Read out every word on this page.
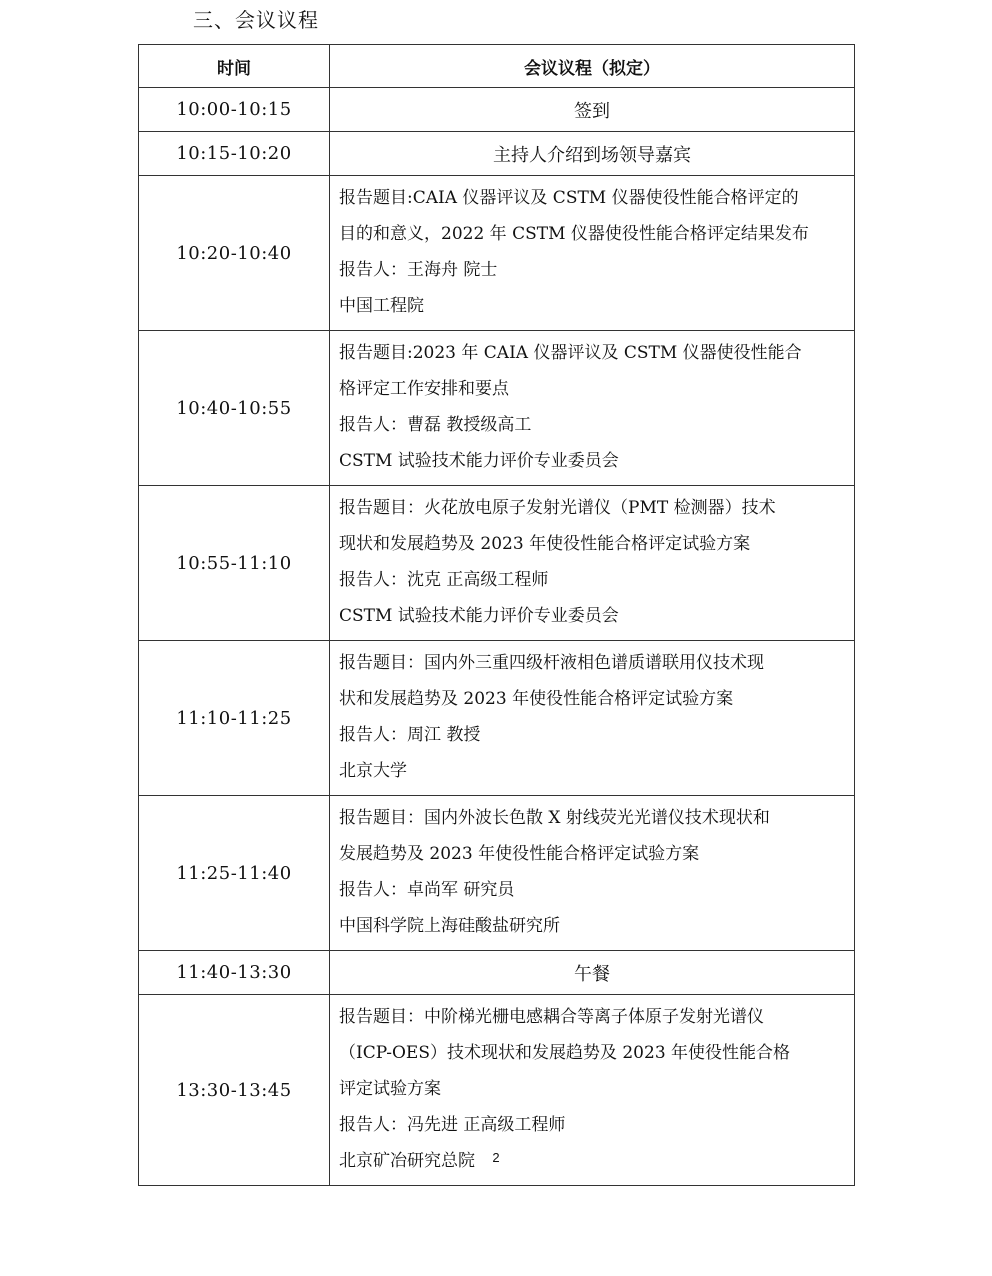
三、会议议程
时间	会议议程（拟定）
10:00-10:15	签到
10:15-10:20	主持人介绍到场领导嘉宾
10:20-10:40	报告题目:CAIA 仪器评议及 CSTM 仪器使役性能合格评定的
目的和意义，2022 年 CSTM 仪器使役性能合格评定结果发布
报告人：王海舟 院士
中国工程院

10:40-10:55	报告题目:2023 年 CAIA 仪器评议及 CSTM 仪器使役性能合
格评定工作安排和要点
报告人：曹磊 教授级高工
CSTM 试验技术能力评价专业委员会

10:55-11:10	报告题目：火花放电原子发射光谱仪（PMT 检测器）技术
现状和发展趋势及 2023 年使役性能合格评定试验方案
报告人：沈克 正高级工程师
CSTM 试验技术能力评价专业委员会

11:10-11:25	报告题目：国内外三重四级杆液相色谱质谱联用仪技术现
状和发展趋势及 2023 年使役性能合格评定试验方案
报告人：周江 教授
北京大学

11:25-11:40	报告题目：国内外波长色散 X 射线荧光光谱仪技术现状和
发展趋势及 2023 年使役性能合格评定试验方案
报告人：卓尚军 研究员
中国科学院上海硅酸盐研究所

11:40-13:30	午餐
13:30-13:45	报告题目：中阶梯光栅电感耦合等离子体原子发射光谱仪
（ICP-OES）技术现状和发展趋势及 2023 年使役性能合格
评定试验方案
报告人：冯先进 正高级工程师
北京矿冶研究总院	2
